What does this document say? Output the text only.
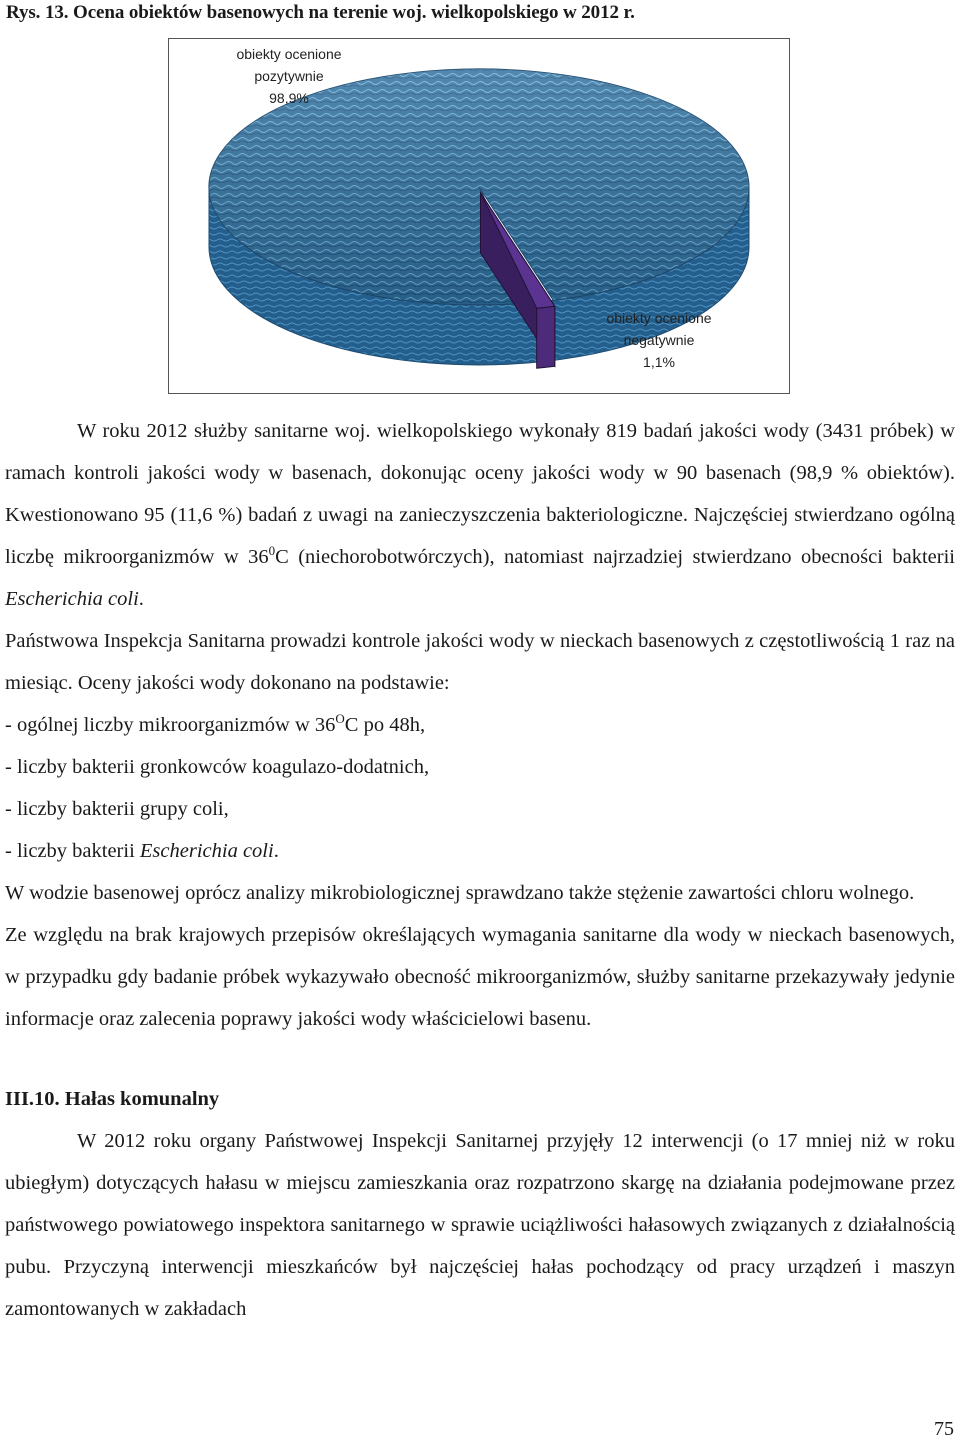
Rys. 13. Ocena obiektów basenowych na terenie woj. wielkopolskiego w 2012 r.
obiekty ocenione
pozytywnie
98,9%
obiekty ocenione
negatywnie
1,1%

W roku 2012 służby sanitarne woj. wielkopolskiego wykonały 819 badań jakości wody (3431 próbek) w ramach kontroli jakości wody w basenach, dokonując oceny jakości wody w 90 basenach (98,9 % obiektów). Kwestionowano 95 (11,6 %) badań z uwagi na zanieczyszczenia bakteriologiczne. Najczęściej stwierdzano ogólną liczbę mikroorganizmów w $36^0C$ (niechorobotwórczych), natomiast najrzadziej stwierdzano obecności bakterii Escherichia coli.

Państwowa Inspekcja Sanitarna prowadzi kontrole jakości wody w nieckach basenowych z częstotliwością 1 raz na miesiąc. Oceny jakości wody dokonano na podstawie:

- ogólnej liczby mikroorganizmów w $36^OC$ po 48h,

- liczby bakterii gronkowców koagulazo-dodatnich,

- liczby bakterii grupy coli,

- liczby bakterii Escherichia coli.

W wodzie basenowej oprócz analizy mikrobiologicznej sprawdzano także stężenie zawartości chloru wolnego.

Ze względu na brak krajowych przepisów określających wymagania sanitarne dla wody w nieckach basenowych, w przypadku gdy badanie próbek wykazywało obecność mikroorganizmów, służby sanitarne przekazywały jedynie informacje oraz zalecenia poprawy jakości wody właścicielowi basenu.

III.10. Hałas komunalny

W 2012 roku organy Państwowej Inspekcji Sanitarnej przyjęły 12 interwencji (o 17 mniej niż w roku ubiegłym) dotyczących hałasu w miejscu zamieszkania oraz rozpatrzono skargę na działania podejmowane przez państwowego powiatowego inspektora sanitarnego w sprawie uciążliwości hałasowych związanych z działalnością pubu. Przyczyną interwencji mieszkańców był najczęściej hałas pochodzący od pracy urządzeń i maszyn zamontowanych w zakładach

75
